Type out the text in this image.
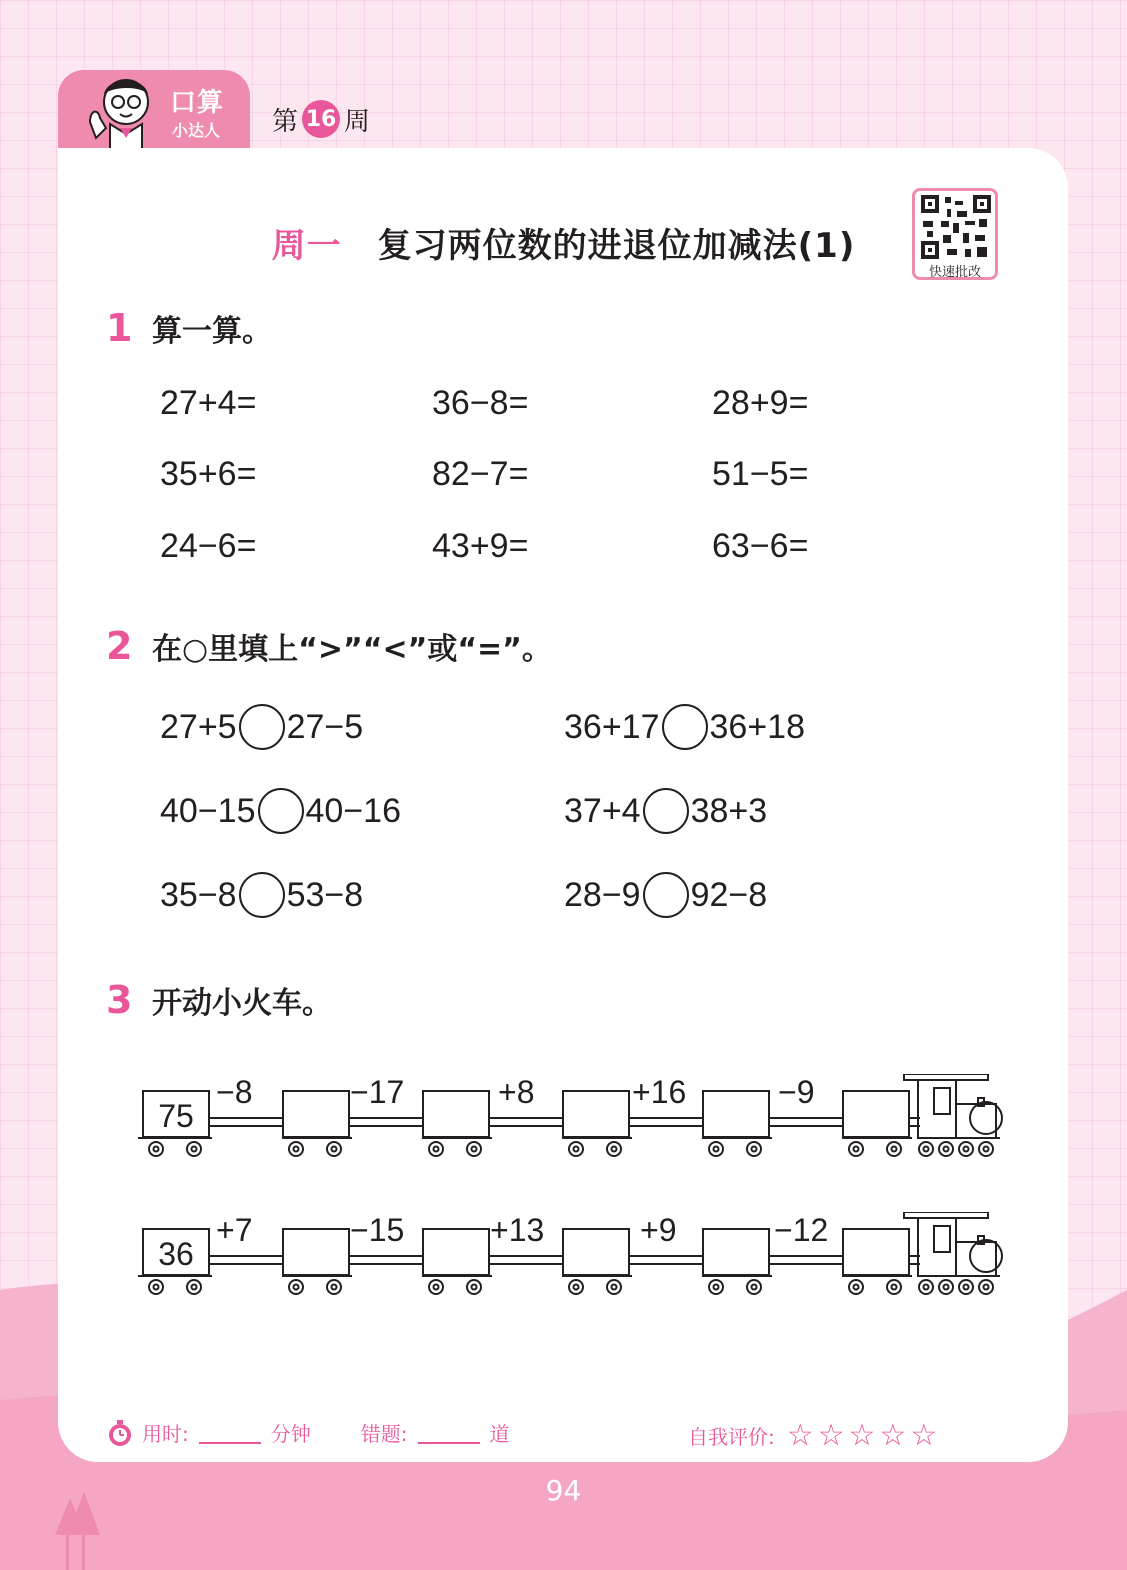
口算
小达人 第 16 周
周一 复习两位数的进退位加减法(1)
快速批改
1 算一算。
27+4=	36−8=	28+9=
35+6=	82−7=	51−5=
24−6=	43+9=	63−6=
2 在○里填上“>”“<”或“=”。
27+5 27−5	36+17 36+18
40−15 40−16	37+4 38+3
35−8 53−8	28−9 92−8
3 开动小火车。
75
−8	−17	+8	+16	−9
36
+7	−15	+13	+9	−12
用时:	分钟	错题:	道	自我评价: ☆☆☆☆☆
94
